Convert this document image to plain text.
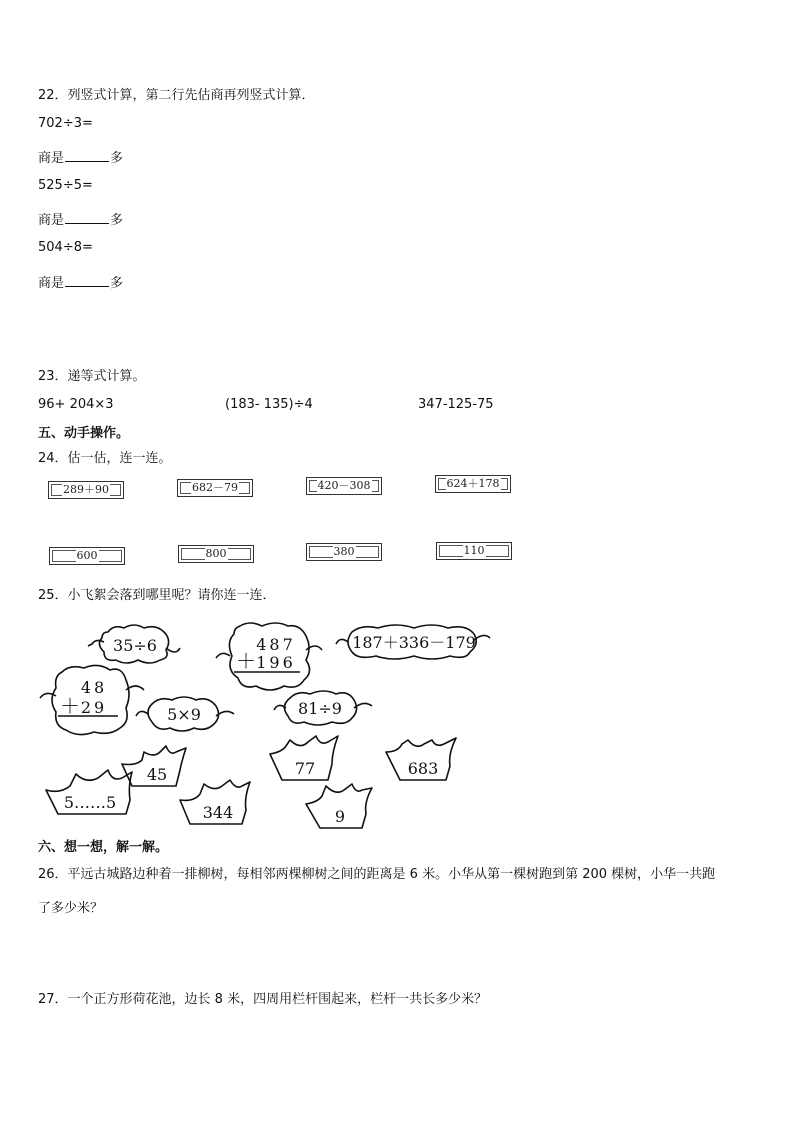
22．列竖式计算，第二行先估商再列竖式计算．
702÷3=
商是	多
525÷5=
商是	多
504÷8=
商是	多
23．递等式计算。
96+ 204×3	(183- 135)÷4	347-125-75
五、动手操作。
24．估一估，连一连。
289＋90	682－79	420－308	624＋178
600	800	380	110
25．小飞絮会落到哪里呢？请你连一连．
35÷6	487
＋ 196
187＋336－179
48
＋ 29	5×9	81÷9
45
5……5
344
77
9
683
六、想一想，解一解。
26．平远古城路边种着一排柳树，每相邻两棵柳树之间的距离是 6 米。小华从第一棵树跑到第 200 棵树，小华一共跑
了多少米？
27．一个正方形荷花池，边长 8 米，四周用栏杆围起来，栏杆一共长多少米？
